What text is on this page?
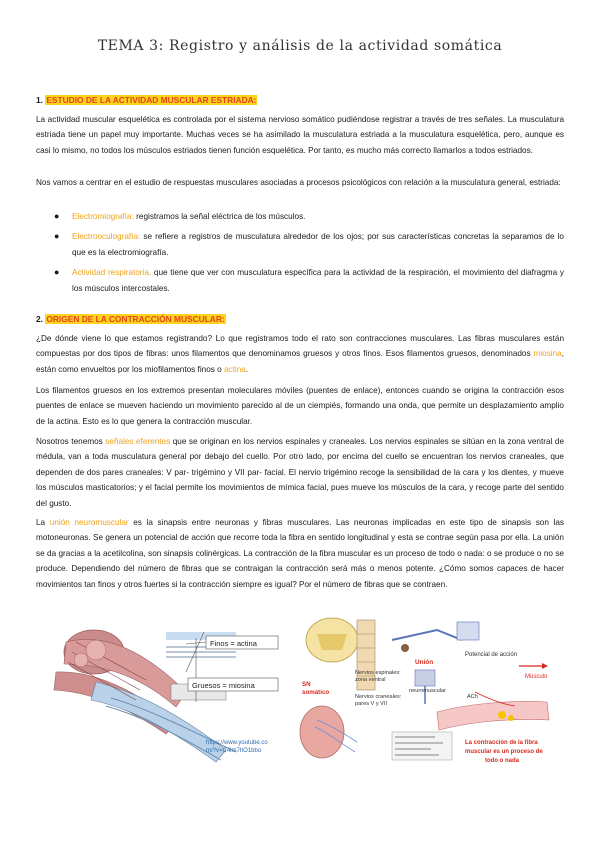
TEMA 3: Registro y análisis de la actividad somática
1. ESTUDIO DE LA ACTIVIDAD MUSCULAR ESTRIADA:

La actividad muscular esquelética es controlada por el sistema nervioso somático pudiéndose registrar a través de tres señales. La musculatura estriada tiene un papel muy importante. Muchas veces se ha asimilado la musculatura estriada a la musculatura esquelética, pero, aunque es casi lo mismo, no todos los músculos estriados tienen función esquelética. Por tanto, es mucho más correcto llamarlos a todos estriados.

Nos vamos a centrar en el estudio de respuestas musculares asociadas a procesos psicológicos con relación a la musculatura general, estriada:

● Electromiografía: registramos la señal eléctrica de los músculos.
● Electrooculografía: se refiere a registros de musculatura alrededor de los ojos; por sus características concretas la separamos de lo que es la electromiografía.
● Actividad respiratoria, que tiene que ver con musculatura específica para la actividad de la respiración, el movimiento del diafragma y los músculos intercostales.
2. ORIGEN DE LA CONTRACCIÓN MUSCULAR:

¿De dónde viene lo que estamos registrando? Lo que registramos todo el rato son contracciones musculares. Las fibras musculares están compuestas por dos tipos de fibras: unos filamentos que denominamos gruesos y otros finos. Esos filamentos gruesos, denominados miosina, están como envueltos por los miofilamentos finos o actina.

Los filamentos gruesos en los extremos presentan moleculares móviles (puentes de enlace), entonces cuando se origina la contracción esos puentes de enlace se mueven haciendo un movimiento parecido al de un ciempiés, formando una onda, que permite un desplazamiento amplio de la actina. Esto es lo que genera la contracción muscular.

Nosotros tenemos señales eferentes que se originan en los nervios espinales y craneales. Los nervios espinales se sitúan en la zona ventral de médula, van a toda musculatura general por debajo del cuello. Por otro lado, por encima del cuello se encuentran los nervios craneales, que dependen de dos pares craneales: V par- trigémino y VII par- facial. El nervio trigémino recoge la sensibilidad de la cara y los dientes, y mueve los músculos masticatorios; y el facial permite los movimientos de mímica facial, pues mueve los músculos de la cara, y recoge parte del sentido del gusto.

La unión neuromuscular es la sinapsis entre neuronas y fibras musculares. Las neuronas implicadas en este tipo de sinapsis son las motoneuronas. Se genera un potencial de acción que recorre toda la fibra en sentido longitudinal y esta se contrae según pasa por ella. La unión se da gracias a la acetilcolina, son sinapsis colinérgicas. La contracción de la fibra muscular es un proceso de todo o nada: o se produce o no se produce. Dependiendo del número de fibras que se contraigan la contracción será más o menos potente. ¿Cómo somos capaces de hacer movimientos tan finos y otros fuertes si la contracción siempre es igual? Por el número de fibras que se contraen.

Finos = actina
Gruesos = miosina
https://www.youtube.co
m/?v=C4lm7hO1bbo
SN
somático
Nervios espinales:
zona ventral
Nervios craneales:
pares V y VII
Unión
neuromuscular
Potencial de acción
ACh
Músculo
La contracción de la fibra
muscular es un proceso de
todo o nada
